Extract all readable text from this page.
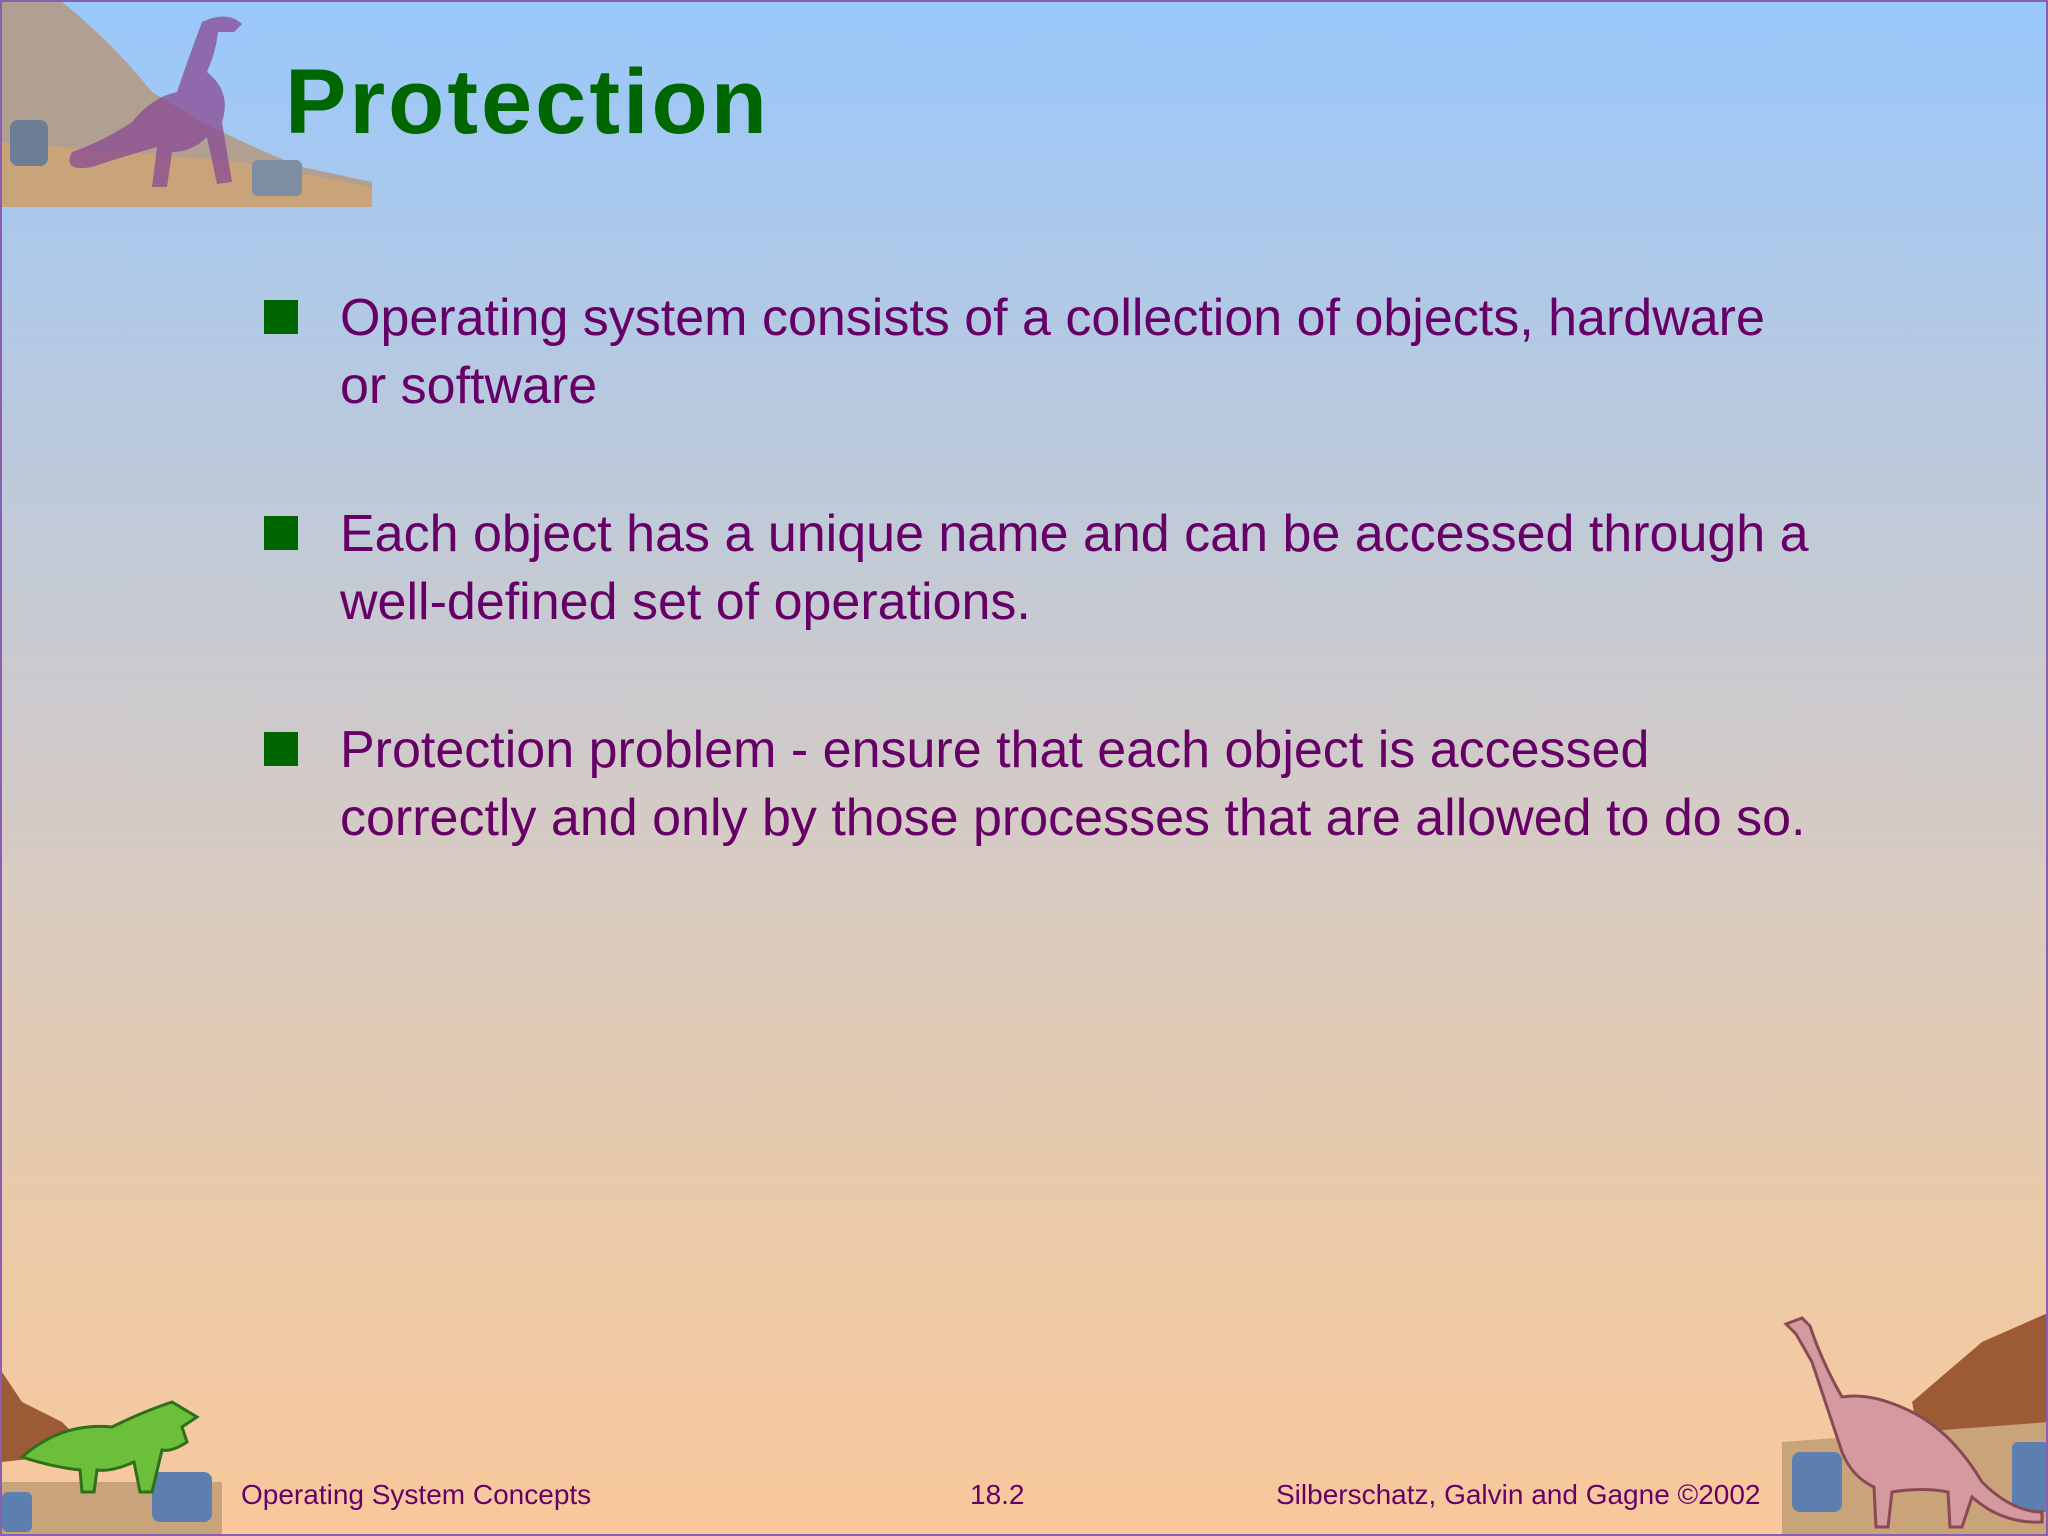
Protection
Operating system consists of a collection of objects, hardware or software
Each object has a unique name and can be accessed through a well-defined set of operations.
Protection problem - ensure that each object is accessed correctly and only by those processes that are allowed to do so.
Operating System Concepts	18.2	Silberschatz, Galvin and Gagne ©2002
